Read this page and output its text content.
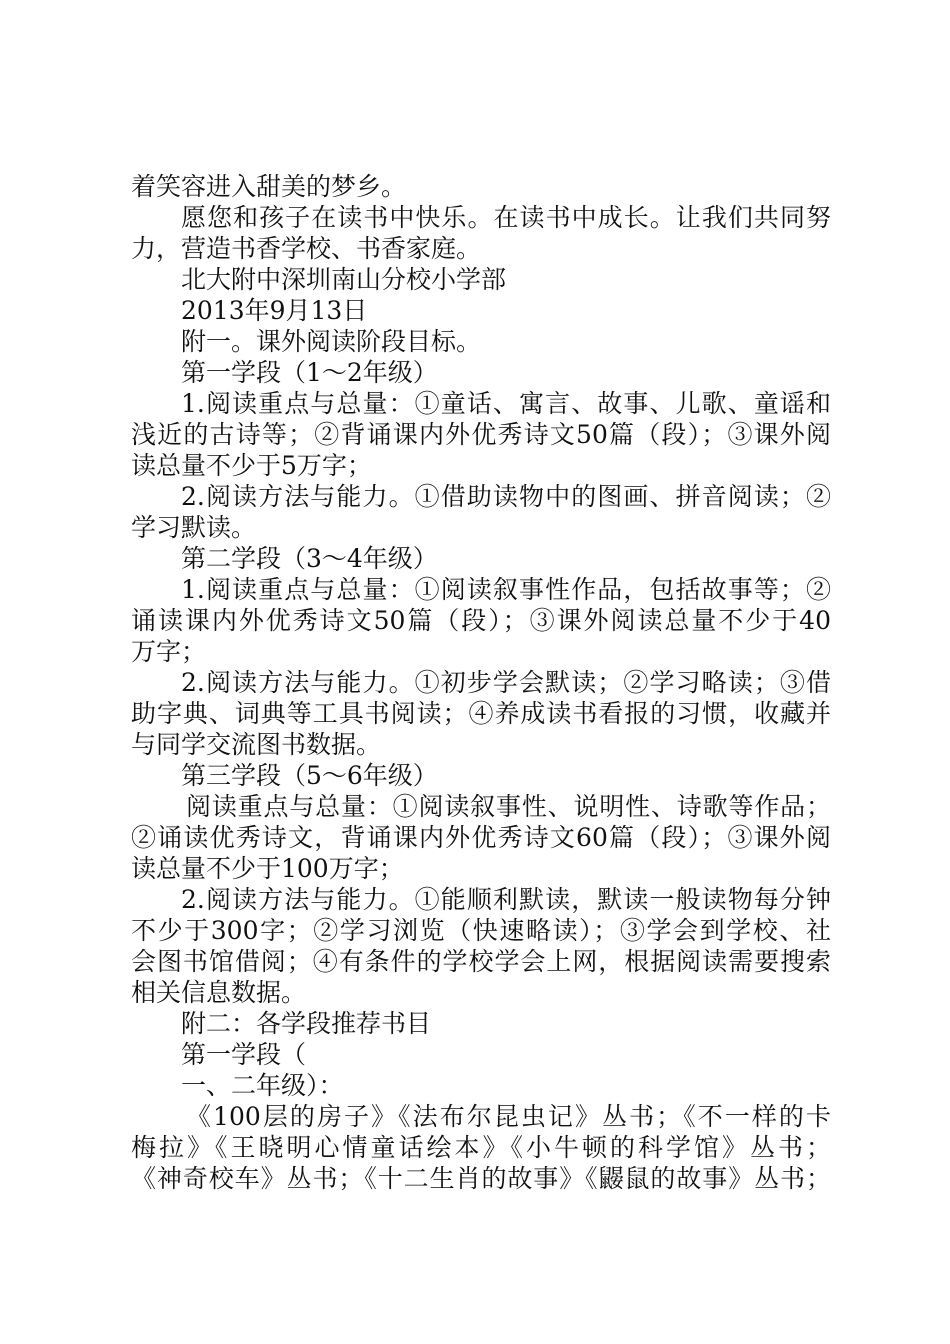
着笑容进入甜美的梦乡。
愿您和孩子在读书中快乐。在读书中成长。让我们共同努
力，营造书香学校、书香家庭。
北大附中深圳南山分校小学部
2013年9月13日
附一。课外阅读阶段目标。
第一学段（1～2年级）
1.阅读重点与总量：①童话、寓言、故事、儿歌、童谣和
浅近的古诗等；②背诵课内外优秀诗文50篇（段）；③课外阅
读总量不少于5万字；
2.阅读方法与能力。①借助读物中的图画、拼音阅读；②
学习默读。
第二学段（3～4年级）
1.阅读重点与总量：①阅读叙事性作品，包括故事等；②
诵读课内外优秀诗文50篇（段）；③课外阅读总量不少于40
万字；
2.阅读方法与能力。①初步学会默读；②学习略读；③借
助字典、词典等工具书阅读；④养成读书看报的习惯，收藏并
与同学交流图书数据。
第三学段（5～6年级）
阅读重点与总量：①阅读叙事性、说明性、诗歌等作品；
②诵读优秀诗文，背诵课内外优秀诗文60篇（段）；③课外阅
读总量不少于100万字；
2.阅读方法与能力。①能顺利默读，默读一般读物每分钟
不少于300字；②学习浏览（快速略读）；③学会到学校、社
会图书馆借阅；④有条件的学校学会上网，根据阅读需要搜索
相关信息数据。
附二：各学段推荐书目
第一学段（
一、二年级）：
《100层的房子》《法布尔昆虫记》丛书；《不一样的卡
梅拉》《王晓明心情童话绘本》《小牛顿的科学馆》丛书；
《神奇校车》丛书；《十二生肖的故事》《鼹鼠的故事》丛书；
